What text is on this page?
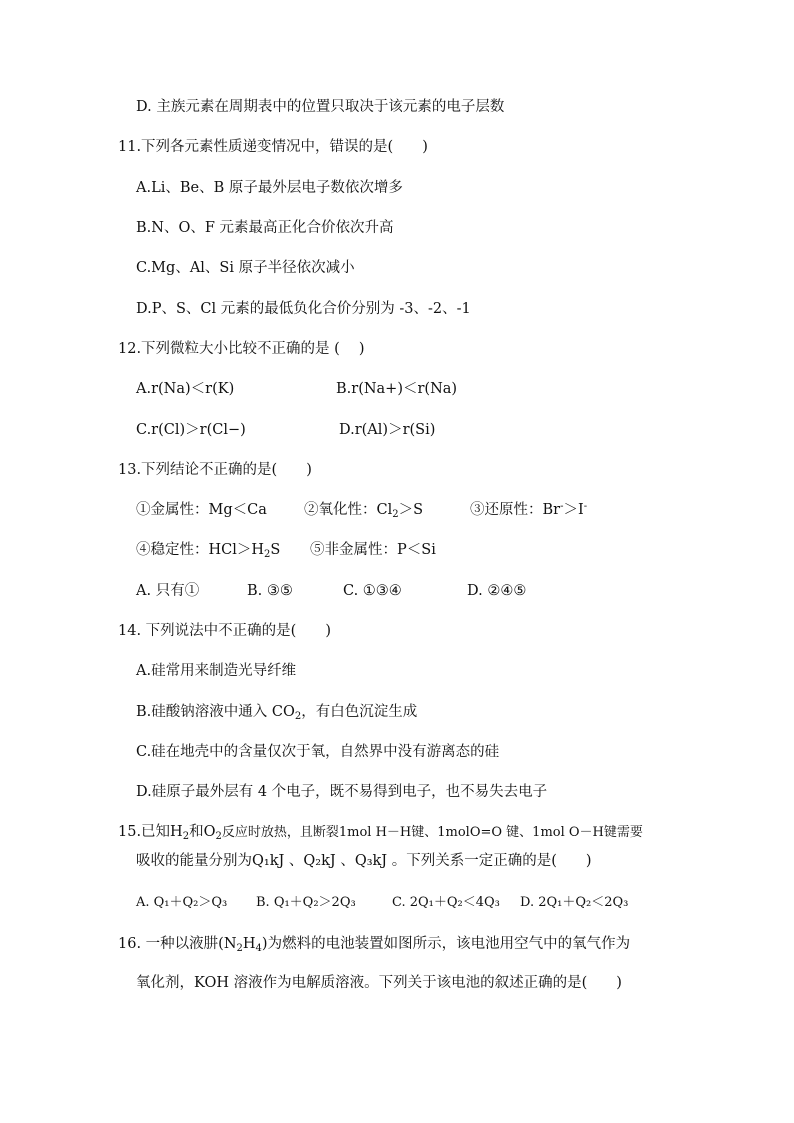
D. 主族元素在周期表中的位置只取决于该元素的电子层数
11.下列各元素性质递变情况中，错误的是(　　)
A.Li、Be、B 原子最外层电子数依次增多
B.N、O、F 元素最高正化合价依次升高
C.Mg、Al、Si 原子半径依次减小
D.P、S、Cl 元素的最低负化合价分别为 -3、-2、-1
12.下列微粒大小比较不正确的是 (　 )
A.r(Na)＜r(K)	B.r(Na+)＜r(Na)
C.r(Cl)＞r(Cl−)	D.r(Al)＞r(Si)
13.下列结论不正确的是(　　)
①金属性：Mg＜Ca	②氧化性：$Cl_2>S$	③还原性：Br-＞I-
④稳定性：$HCl>H_2S$ ⑤非金属性：P＜Si
A. 只有①	B. ③⑤	C. ①③④	D. ②④⑤
14. 下列说法中不正确的是(　　)
A.硅常用来制造光导纤维
B.硅酸钠溶液中通入 $CO_2$，有白色沉淀生成
C.硅在地壳中的含量仅次于氧，自然界中没有游离态的硅
D.硅原子最外层有 4 个电子，既不易得到电子，也不易失去电子
15.已知$H_2$和$O_2$反应时放热，且断裂1mol H－H键、1molO=O 键、1mol O－H键需要
吸收的能量分别为Q₁kJ 、Q₂kJ 、Q₃kJ 。下列关系一定正确的是(　　)
A. Q₁＋Q₂＞Q₃ B. Q₁＋Q₂＞2Q₃	C. 2Q₁＋Q₂＜4Q₃ D. 2Q₁＋Q₂＜2Q₃
16. 一种以液肼$(N_2H_4)$为燃料的电池装置如图所示，该电池用空气中的氧气作为
氧化剂，KOH 溶液作为电解质溶液。下列关于该电池的叙述正确的是(　　)
